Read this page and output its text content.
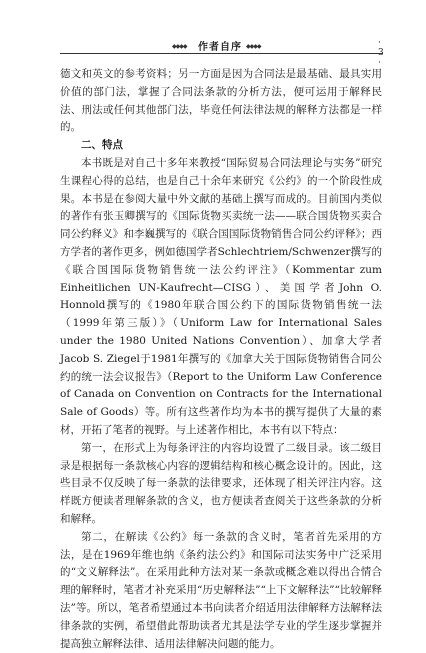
◆◆◆◆ 作者自序 ◆◆◆◆	· 3 ·

德文和英文的参考资料；另一方面是因为合同法是最基础、最具实用价值的部门法，掌握了合同法条款的分析方法，便可运用于解释民法、刑法或任何其他部门法，毕竟任何法律法规的解释方法都是一样的。

二、特点

本书既是对自己十多年来教授“国际贸易合同法理论与实务”研究生课程心得的总结，也是自己十余年来研究《公约》的一个阶段性成果。本书是在参阅大量中外文献的基础上撰写而成的。目前国内类似的著作有张玉卿撰写的《国际货物买卖统一法——联合国货物买卖合同公约释义》和李巍撰写的《联合国国际货物销售合同公约评释》；西方学者的著作更多，例如德国学者Schlechtriem/Schwenzer撰写的《联合国国际货物销售统一法公约评注》（Kommentar zum Einheitlichen UN-Kaufrecht—CISG）、美国学者John O. Honnold撰写的《1980年联合国公约下的国际货物销售统一法（1999年第三版）》（Uniform Law for International Sales under the 1980 United Nations Convention）、加拿大学者Jacob S. Ziegel于1981年撰写的《加拿大关于国际货物销售合同公约的统一法会议报告》（Report to the Uniform Law Conference of Canada on Convention on Contracts for the International Sale of Goods）等。所有这些著作均为本书的撰写提供了大量的素材，开拓了笔者的视野。与上述著作相比，本书有以下特点：

第一，在形式上为每条评注的内容均设置了二级目录。该二级目录是根据每一条款核心内容的逻辑结构和核心概念设计的。因此，这些目录不仅反映了每一条款的法律要求，还体现了相关评注内容。这样既方便读者理解条款的含义，也方便读者查阅关于这些条款的分析和解释。

第二，在解读《公约》每一条款的含义时，笔者首先采用的方法，是在1969年维也纳《条约法公约》和国际司法实务中广泛采用的“文义解释法”。在采用此种方法对某一条款或概念难以得出合情合理的解释时，笔者才补充采用“历史解释法”“上下文解释法”“比较解释法”等。所以，笔者希望通过本书向读者介绍适用法律解释方法解释法律条款的实例，希望借此帮助读者尤其是法学专业的学生逐步掌握并提高独立解释法律、适用法律解决问题的能力。
